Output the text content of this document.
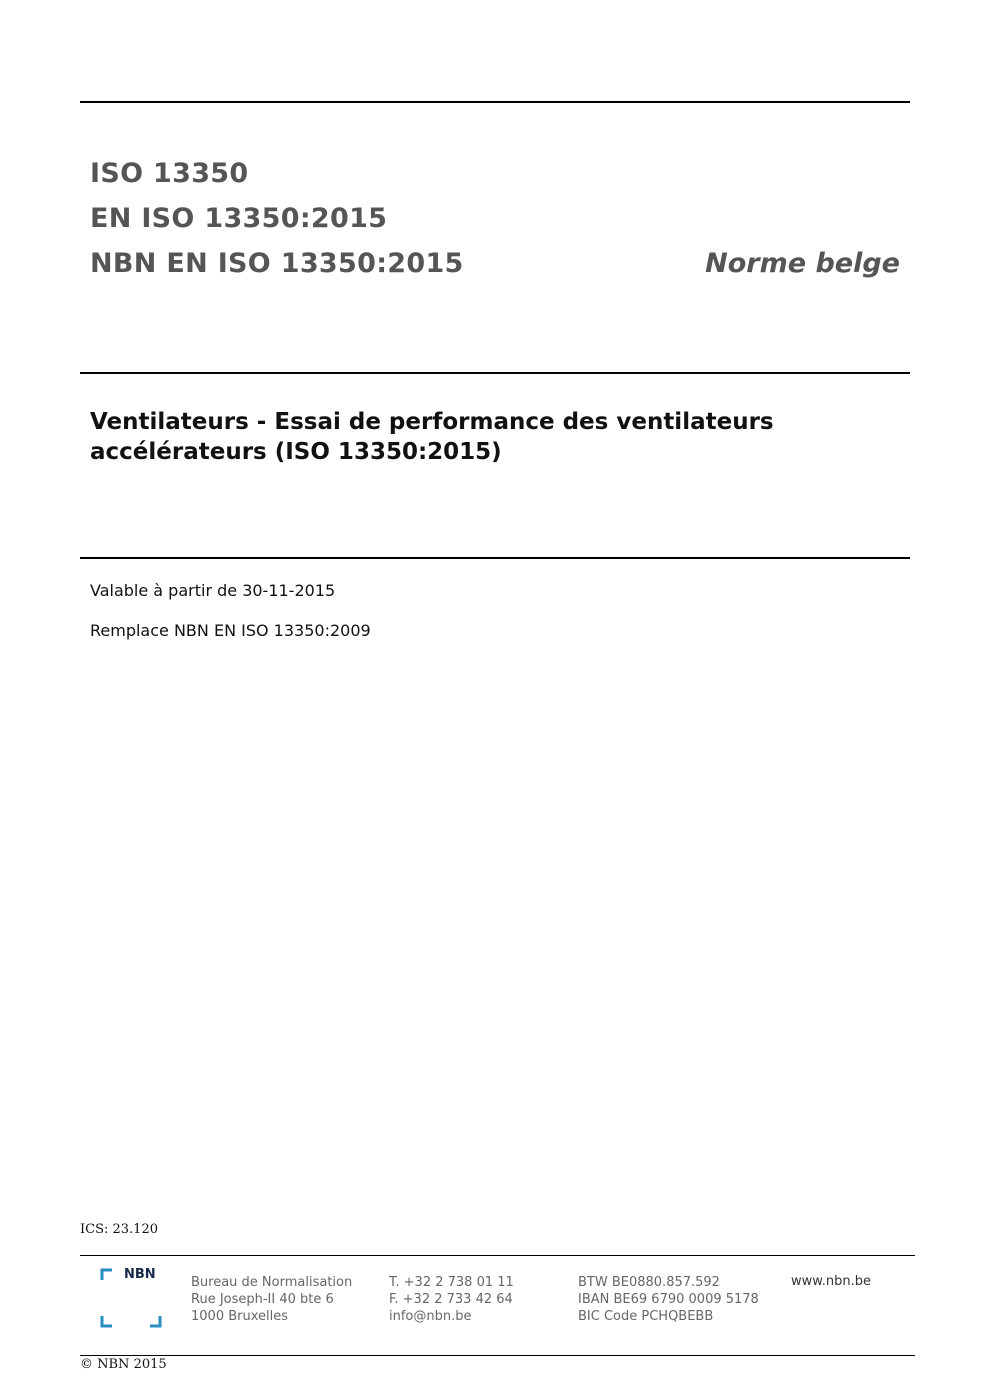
ISO 13350
EN ISO 13350:2015
NBN EN ISO 13350:2015	Norme belge
Ventilateurs - Essai de performance des ventilateurs
accélérateurs (ISO 13350:2015)
Valable à partir de 30-11-2015
Remplace NBN EN ISO 13350:2009
ICS: 23.120
NBN
Bureau de Normalisation
Rue Joseph-II 40 bte 6
1000 Bruxelles
T. +32 2 738 01 11
F. +32 2 733 42 64
info@nbn.be
BTW BE0880.857.592
IBAN BE69 6790 0009 5178
BIC Code PCHQBEBB
www.nbn.be
© NBN 2015
